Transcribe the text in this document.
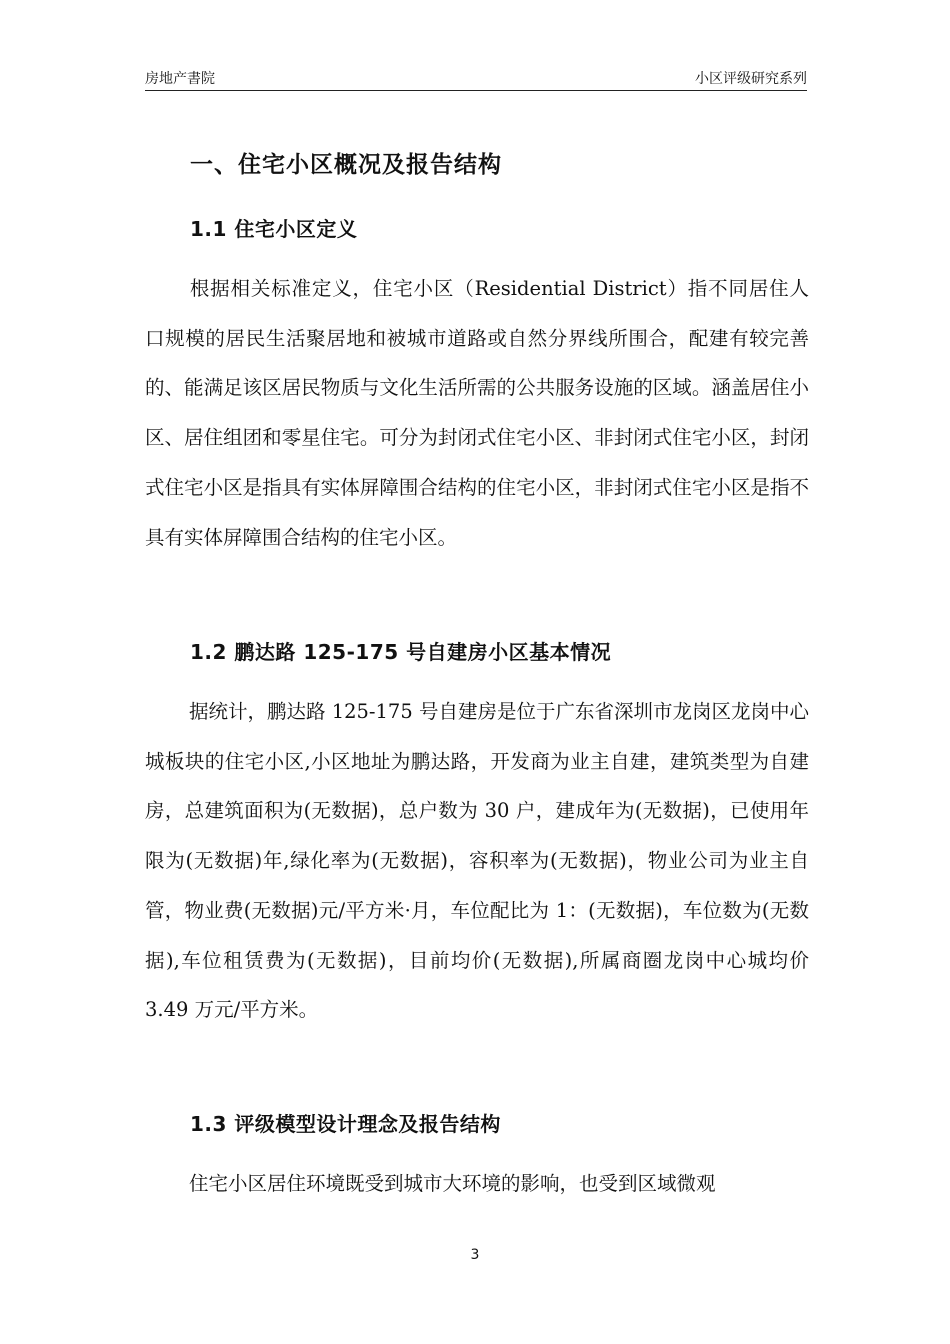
房地产書院	小区评级研究系列
一、住宅小区概况及报告结构
1.1 住宅小区定义

根据相关标准定义，住宅小区（Residential District）指不同居住人口规模的居民生活聚居地和被城市道路或自然分界线所围合，配建有较完善的、能满足该区居民物质与文化生活所需的公共服务设施的区域。涵盖居住小区、居住组团和零星住宅。可分为封闭式住宅小区、非封闭式住宅小区，封闭式住宅小区是指具有实体屏障围合结构的住宅小区，非封闭式住宅小区是指不具有实体屏障围合结构的住宅小区。

1.2 鹏达路 125-175 号自建房小区基本情况

据统计，鹏达路 125-175 号自建房是位于广东省深圳市龙岗区龙岗中心城板块的住宅小区,小区地址为鹏达路，开发商为业主自建，建筑类型为自建房，总建筑面积为(无数据)，总户数为 30 户，建成年为(无数据)，已使用年限为(无数据)年,绿化率为(无数据)，容积率为(无数据)，物业公司为业主自管，物业费(无数据)元/平方米·月，车位配比为 1：(无数据)，车位数为(无数据),车位租赁费为(无数据)，目前均价(无数据),所属商圈龙岗中心城均价 3.49 万元/平方米。

1.3 评级模型设计理念及报告结构

住宅小区居住环境既受到城市大环境的影响，也受到区域微观

3
